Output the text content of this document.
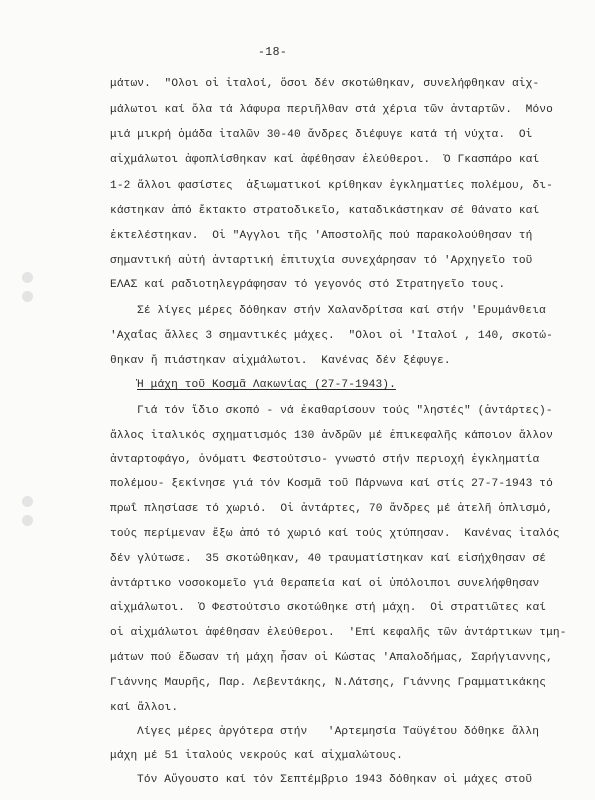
-18-
μάτων.  "Ολοι οἱ ἰταλοί, ὅσοι δέν σκοτώθηκαν, συνελήφθηκαν αἰχ-
μάλωτοι καί ὅλα τά λάφυρα περιῆλθαν στά χέρια τῶν ἀνταρτῶν.  Μόνο
μιά μικρή ὁμάδα ἰταλῶν 30-40 ἄνδρες διέφυγε κατά τή νύχτα.  Οἱ
αἰχμάλωτοι ἀφοπλίσθηκαν καί ἀφέθησαν ἐλεύθεροι.  Ὁ Γκασπάρο καί
1-2 ἄλλοι φασίστες  ἀξιωματικοί κρίθηκαν ἐγκληματίες πολέμου, δι-
κάστηκαν ἀπό ἔκτακτο στρατοδικεῖο, καταδικάστηκαν σέ θάνατο καί
ἐκτελέστηκαν.  Οἱ "Αγγλοι τῆς 'Αποστολῆς πού παρακολούθησαν τή
σημαντική αὐτή ἀνταρτική ἐπιτυχία συνεχάρησαν τό 'Αρχηγεῖο τοῦ
ΕΛΑΣ καί ραδιοτηλεγράφησαν τό γεγονός στό Στρατηγεῖο τους.
Σέ λίγες μέρες δόθηκαν στήν Χαλανδρίτσα καί στήν 'Ερυμάνθεια
'Αχαΐας ἄλλες 3 σημαντικές μάχες.  "Ολοι οἱ 'Ιταλοί , 140, σκοτώ-
θηκαν ἤ πιάστηκαν αἰχμάλωτοι.  Κανένας δέν ξέφυγε.
Ἡ μάχη τοῦ Κοσμᾶ Λακωνίας (27-7-1943).
Γιά τόν ἴδιο σκοπό - νά ἐκαθαρίσουν τούς "ληστές" (ἀντάρτες)-
ἄλλος ἰταλικός σχηματισμός 130 ἀνδρῶν μέ ἐπικεφαλῆς κάποιον ἄλλον
ἀνταρτοφάγο, ὀνόματι Φεστούτσιο- γνωστό στήν περιοχή ἐγκληματία
πολέμου- ξεκίνησε γιά τόν Κοσμᾶ τοῦ Πάρνωνα καί στίς 27-7-1943 τό
πρωΐ πλησίασε τό χωριό.  Οἱ ἀντάρτες, 70 ἄνδρες μέ ἀτελῆ ὁπλισμό,
τούς περίμεναν ἔξω ἀπό τό χωριό καί τούς χτύπησαν.  Κανένας ἰταλός
δέν γλύτωσε.  35 σκοτώθηκαν, 40 τραυματίστηκαν καί εἰσήχθησαν σέ
ἀντάρτικο νοσοκομεῖο γιά θεραπεία καί οἱ ὑπόλοιποι συνελήφθησαν
αἰχμάλωτοι.  Ὁ Φεστούτσιο σκοτώθηκε στή μάχη.  Οἱ στρατιῶτες καί
οἱ αἰχμάλωτοι ἀφέθησαν ἐλεύθεροι.  'Επί κεφαλῆς τῶν ἀντάρτικων τμη-
μάτων πού ἔδωσαν τή μάχη ἦσαν οἱ Κώστας 'Απαλοδήμας, Σαρήγιαννης,
Γιάννης Μαυρῆς, Παρ. Λεβεντάκης, Ν.Λάτσης, Γιάννης Γραμματικάκης
καί ἄλλοι.
Λίγες μέρες ἀργότερα στήν   'Αρτεμησία Ταϋγέτου δόθηκε ἄλλη
μάχη μέ 51 ἰταλούς νεκρούς καί αἰχμαλώτους.
Τόν Αὔγουστο καί τόν Σεπτέμβριο 1943 δόθηκαν οἱ μάχες στοῦ
